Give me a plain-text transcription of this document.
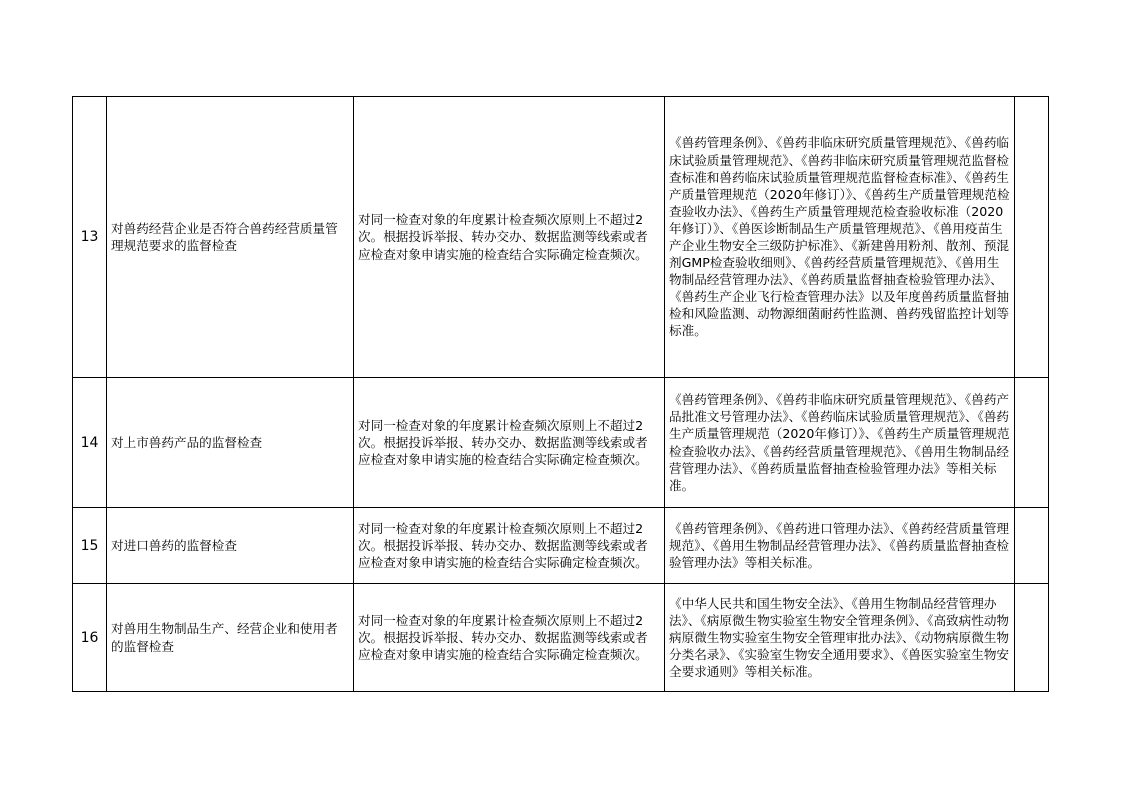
13	对兽药经营企业是否符合兽药经营质量管理规范要求的监督检查	对同一检查对象的年度累计检查频次原则上不超过2次。根据投诉举报、转办交办、数据监测等线索或者应检查对象申请实施的检查结合实际确定检查频次。	《兽药管理条例》、《兽药非临床研究质量管理规范》、《兽药临床试验质量管理规范》、《兽药非临床研究质量管理规范监督检查标准和兽药临床试验质量管理规范监督检查标准》、《兽药生产质量管理规范（2020年修订）》、《兽药生产质量管理规范检查验收办法》、《兽药生产质量管理规范检查验收标准（2020年修订）》、《兽医诊断制品生产质量管理规范》、《兽用疫苗生产企业生物安全三级防护标准》、《新建兽用粉剂、散剂、预混剂GMP检查验收细则》、《兽药经营质量管理规范》、《兽用生物制品经营管理办法》、《兽药质量监督抽查检验管理办法》、《兽药生产企业飞行检查管理办法》以及年度兽药质量监督抽检和风险监测、动物源细菌耐药性监测、兽药残留监控计划等标准。	

14	对上市兽药产品的监督检查	对同一检查对象的年度累计检查频次原则上不超过2次。根据投诉举报、转办交办、数据监测等线索或者应检查对象申请实施的检查结合实际确定检查频次。	《兽药管理条例》、《兽药非临床研究质量管理规范》、《兽药产品批准文号管理办法》、《兽药临床试验质量管理规范》、《兽药生产质量管理规范（2020年修订）》、《兽药生产质量管理规范检查验收办法》、《兽药经营质量管理规范》、《兽用生物制品经营管理办法》、《兽药质量监督抽查检验管理办法》等相关标准。	

15	对进口兽药的监督检查	对同一检查对象的年度累计检查频次原则上不超过2次。根据投诉举报、转办交办、数据监测等线索或者应检查对象申请实施的检查结合实际确定检查频次。	《兽药管理条例》、《兽药进口管理办法》、《兽药经营质量管理规范》、《兽用生物制品经营管理办法》、《兽药质量监督抽查检验管理办法》等相关标准。	

16	对兽用生物制品生产、经营企业和使用者的监督检查	对同一检查对象的年度累计检查频次原则上不超过2次。根据投诉举报、转办交办、数据监测等线索或者应检查对象申请实施的检查结合实际确定检查频次。	《中华人民共和国生物安全法》、《兽用生物制品经营管理办法》、《病原微生物实验室生物安全管理条例》、《高致病性动物病原微生物实验室生物安全管理审批办法》、《动物病原微生物分类名录》、《实验室生物安全通用要求》、《兽医实验室生物安全要求通则》等相关标准。	
